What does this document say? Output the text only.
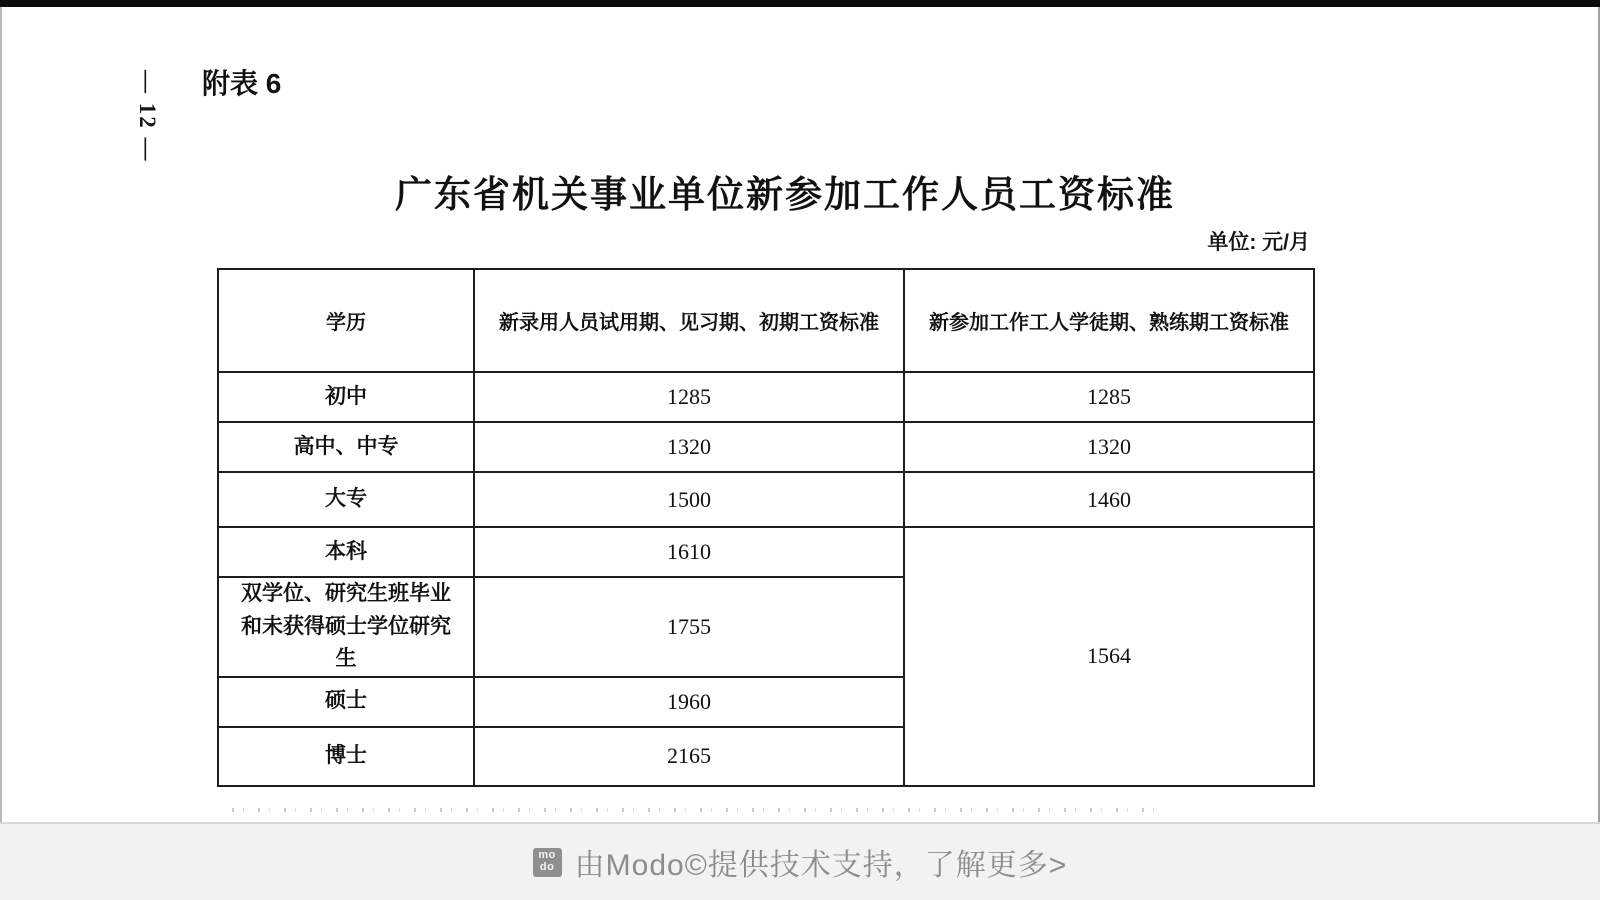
— 12 — 附表 6
广东省机关事业单位新参加工作人员工资标准
单位: 元/月
学历	新录用人员试用期、见习期、初期工资标准	新参加工作工人学徒期、熟练期工资标准
初中	1285	1285
高中、中专	1320	1320
大专	1500	1460
本科	1610	1564
双学位、研究生班毕业和未获得硕士学位研究生	1755	
硕士	1960	
博士	2165	
mo
do 由Modo©提供技术支持，了解更多>
